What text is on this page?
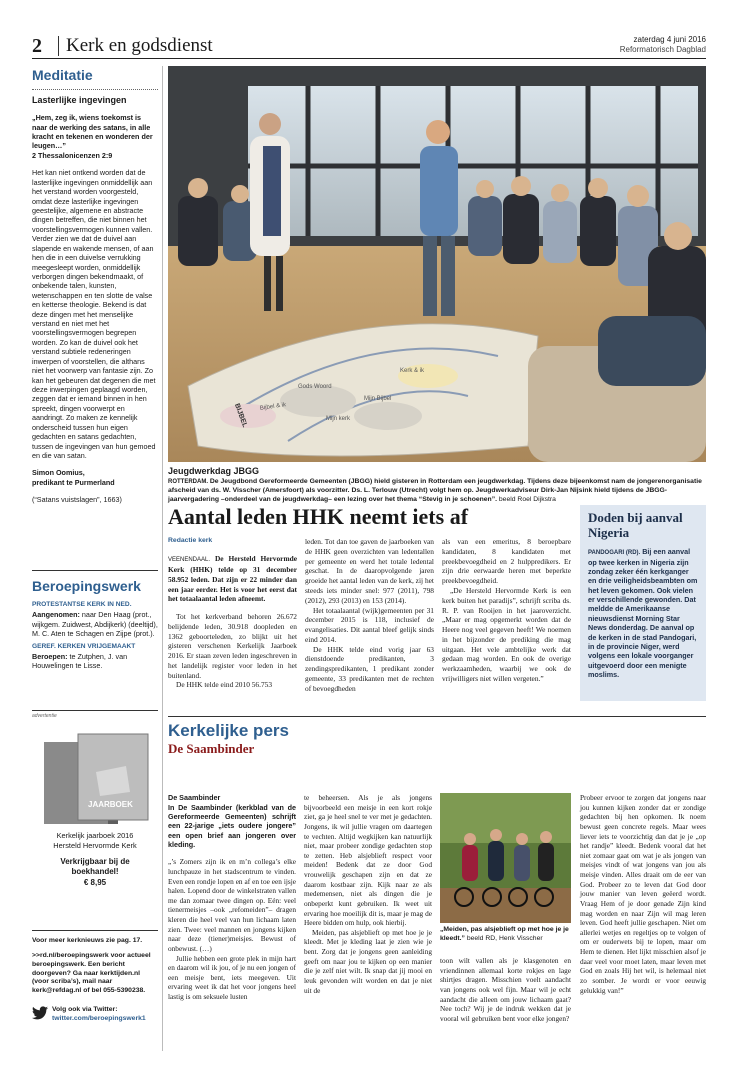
2 Kerk en godsdienst	zaterdag 4 juni 2016
Reformatorisch Dagblad
Meditatie
Lasterlijke ingevingen
„Hem, zeg ik, wiens toekomst is naar de werking des satans, in alle kracht en tekenen en wonderen der leugen…”
2 Thessalonicenzen 2:9
Het kan niet ontkend worden dat de lasterlijke ingevingen onmiddellijk aan het verstand worden voorgesteld, omdat deze lasterlijke ingevingen geestelijke, algemene en abstracte dingen betreffen, die niet binnen het voorstellingsvermogen kunnen vallen. Verder zien we dat de duivel aan slapende en wakende mensen, of aan hen die in een duivelse verrukking meegesleept worden, onmiddellijk verborgen dingen bekendmaakt, of onbekende talen, kunsten, wetenschappen en ten slotte de valse en ketterse theologie. Bekend is dat deze dingen met het menselijke verstand en niet met het voorstellingsvermogen begrepen worden. Zo kan de duivel ook het verstand subtiele redeneringen inwerpen of voorstellen, die althans niet het voorwerp van fantasie zijn. Zo kan het gebeuren dat degenen die met deze inwerpingen geplaagd worden, zeggen dat er iemand binnen in hen spreekt, dingen voorwerpt en aandringt. Zo maken ze kennelijk onderscheid tussen hun eigen gedachten en satans gedachten, tussen de ingevingen van hun gemoed en die van satan.
Simon Oomius,
predikant te Purmerland
(“Satans vuistslagen”, 1663)
Beroepingswerk
PROTESTANTSE KERK IN NED.
Aangenomen: naar Den Haag (prot., wijkgem. Zuidwest, Abdijkerk) (deeltijd), M. C. Aten te Schagen en Zijpe (prot.).
GEREF. KERKEN VRIJGEMAAKT
Beroepen: te Zutphen, J. van Houwelingen te Lisse.
advertentie
JAARBOEK
Kerkelijk jaarboek 2016
Hersteld Hervormde Kerk
Verkrijgbaar bij de boekhandel!
€ 8,95
Voor meer kerknieuws zie pag. 17.
>>rd.nl/beroepingswerk voor actueel beroepingswerk. Een bericht doorgeven? Ga naar kerktijden.nl (voor scriba’s), mail naar kerk@refdag.nl of bel 055-5390238.
Volg ook via Twitter:
twitter.com/beroepingswerk1
Bijbel & ik
Mijn kerk
Kerk & ik
Mijn Bijbel
Gods Woord
BIJBEL
Jeugdwerkdag JBGG
ROTTERDAM. De Jeugdbond Gereformeerde Gemeenten (JBGG) hield gisteren in Rotterdam een jeugdwerkdag. Tijdens deze bijeenkomst nam de jongerenorganisatie afscheid van ds. W. Visscher (Amersfoort) als voorzitter. Ds. L. Terlouw (Utrecht) volgt hem op. Jeugdwerkadviseur Dirk-Jan Nijsink hield tijdens de JBGG-jaarvergadering –onderdeel van de jeugdwerkdag– een lezing over het thema “Stevig in je schoenen”. beeld Roel Dijkstra
Aantal leden HHK neemt iets af
Redactie kerk

VEENENDAAL. De Hersteld Hervormde Kerk (HHK) telde op 31 december 58.952 leden. Dat zijn er 22 minder dan een jaar eerder. Het is voor het eerst dat het totaalaantal leden afneemt.

Tot het kerkverband behoren 26.672 belijdende leden, 30.918 doopleden en 1362 geboorteleden, zo blijkt uit het gisteren verschenen Kerkelijk Jaarboek 2016. Er staan zeven leden ingeschreven in het landelijk register voor leden in het buitenland.

De HHK telde eind 2010 56.753

leden. Tot dan toe gaven de jaarboeken van de HHK geen overzichten van ledentallen per gemeente en werd het totale ledental geschat. In de daaropvolgende jaren groeide het aantal leden van de kerk, zij het steeds iets minder snel: 977 (2011), 798 (2012), 293 (2013) en 153 (2014).

Het totaalaantal (wijk)gemeenten per 31 december 2015 is 118, inclusief de evangelisaties. Dit aantal bleef gelijk sinds eind 2014.

De HHK telde eind vorig jaar 63 dienstdoende predikanten, 3 zendingspredikanten, 1 predikant zonder gemeente, 33 predikanten met de rechten of bevoegdheden

als van een emeritus, 8 beroepbare kandidaten, 8 kandidaten met preekbevoegdheid en 2 hulppredikers. Er zijn drie eerwaarde heren met beperkte preekbevoegdheid.

„De Hersteld Hervormde Kerk is een kerk buiten het paradijs”, schrijft scriba ds. R. P. van Rooijen in het jaaroverzicht. „Maar er mag opgemerkt worden dat de Heere nog veel gegeven heeft! We noemen in het bijzonder de prediking die mag uitgaan. Het vele ambtelijke werk dat gedaan mag worden. En ook de overige werkzaamheden, waarbij we ook de vrijwilligers niet willen vergeten.”

Doden bij aanval Nigeria
PANDOGARI (RD). Bij een aanval op twee kerken in Nigeria zijn zondag zeker één kerkganger en drie veiligheidsbeambten om het leven gekomen. Ook vielen er verschillende gewonden. Dat meldde de Amerikaanse nieuwsdienst Morning Star News donderdag. De aanval op de kerken in de stad Pandogari, in de provincie Niger, werd volgens een lokale voorganger uitgevoerd door een menigte moslims.
Kerkelijke pers
De Saambinder
De Saambinder
In De Saambinder (kerkblad van de Gereformeerde Gemeenten) schrijft een 22-jarige „iets oudere jongere” een open brief aan jongeren over kleding.
„’s Zomers zijn ik en m’n collega’s elke lunchpauze in het stadscentrum te vinden. Even een rondje lopen en af en toe een ijsje halen. Lopend door de winkelstraten vallen me dan zomaar twee dingen op. Eén: veel tienermeisjes –ook „refomeiden”– dragen kleren die heel veel van hun lichaam laten zien. Twee: veel mannen en jongens kijken naar deze (tiener)meisjes. Bewust of onbewust. (…)
Jullie hebben een grote plek in mijn hart en daarom wil ik jou, of je nu een jongen of een meisje bent, iets meegeven. Uit ervaring weet ik dat het voor jongens heel lastig is om seksuele lusten
te beheersen. Als je als jongens bijvoorbeeld een meisje in een kort rokje ziet, ga je heel snel te ver met je gedachten. Jongens, ik wil jullie vragen om daartegen te vechten. Altijd wegkijken kan natuurlijk niet, maar probeer zondige gedachten stop te zetten. Heb alsjeblieft respect voor meiden! Bedenk dat ze door God vrouwelijk geschapen zijn en dat ze daarom kostbaar zijn. Kijk naar ze als medemensen, niet als dingen die je onbeperkt kunt gebruiken. Ik weet uit ervaring hoe moeilijk dit is, maar je mag de Heere bidden om hulp, ook hierbij.
Meiden, pas alsjeblieft op met hoe je je kleedt. Met je kleding laat je zien wie je bent. Zorg dat je jongens geen aanleiding geeft om naar jou te kijken op een manier die je zelf niet wilt. Ik snap dat jij mooi en leuk gevonden wilt worden en dat je niet uit de
„Meiden, pas alsjeblieft op met hoe je je kleedt.” beeld RD, Henk Visscher
toon wilt vallen als je klasgenoten en vriendinnen allemaal korte rokjes en lage shirtjes dragen. Misschien voelt aandacht van jongens ook wel fijn. Maar wil je echt aandacht die alleen om jouw lichaam gaat? Nee toch? Wij je de indruk wekken dat je vooral wil gebruiken bent voor elke jongen?
Probeer ervoor te zorgen dat jongens naar jou kunnen kijken zonder dat er zondige gedachten bij hen opkomen. Ik noem bewust geen concrete regels. Maar wees liever iets te voorzichtig dan dat je je „op het randje” kleedt. Bedenk vooral dat het niet zomaar gaat om wat je als jongen van meisjes vindt of wat jongens van jou als meisje vinden. Alles draait om de eer van God. Probeer zo te leven dat God door jouw manier van leven geëerd wordt. Vraag Hem of je door genade Zijn kind mag worden en naar Zijn wil mag leren leven. God heeft jullie geschapen. Niet om allerlei wetjes en regeltjes op te volgen of om er ouderwets bij te lopen, maar om Hem te dienen. Het lijkt misschien alsof je daar veel voor moet laten, maar leven met God en zoals Hij het wil, is helemaal niet zo somber. Je wordt er voor eeuwig gelukkig van!”
